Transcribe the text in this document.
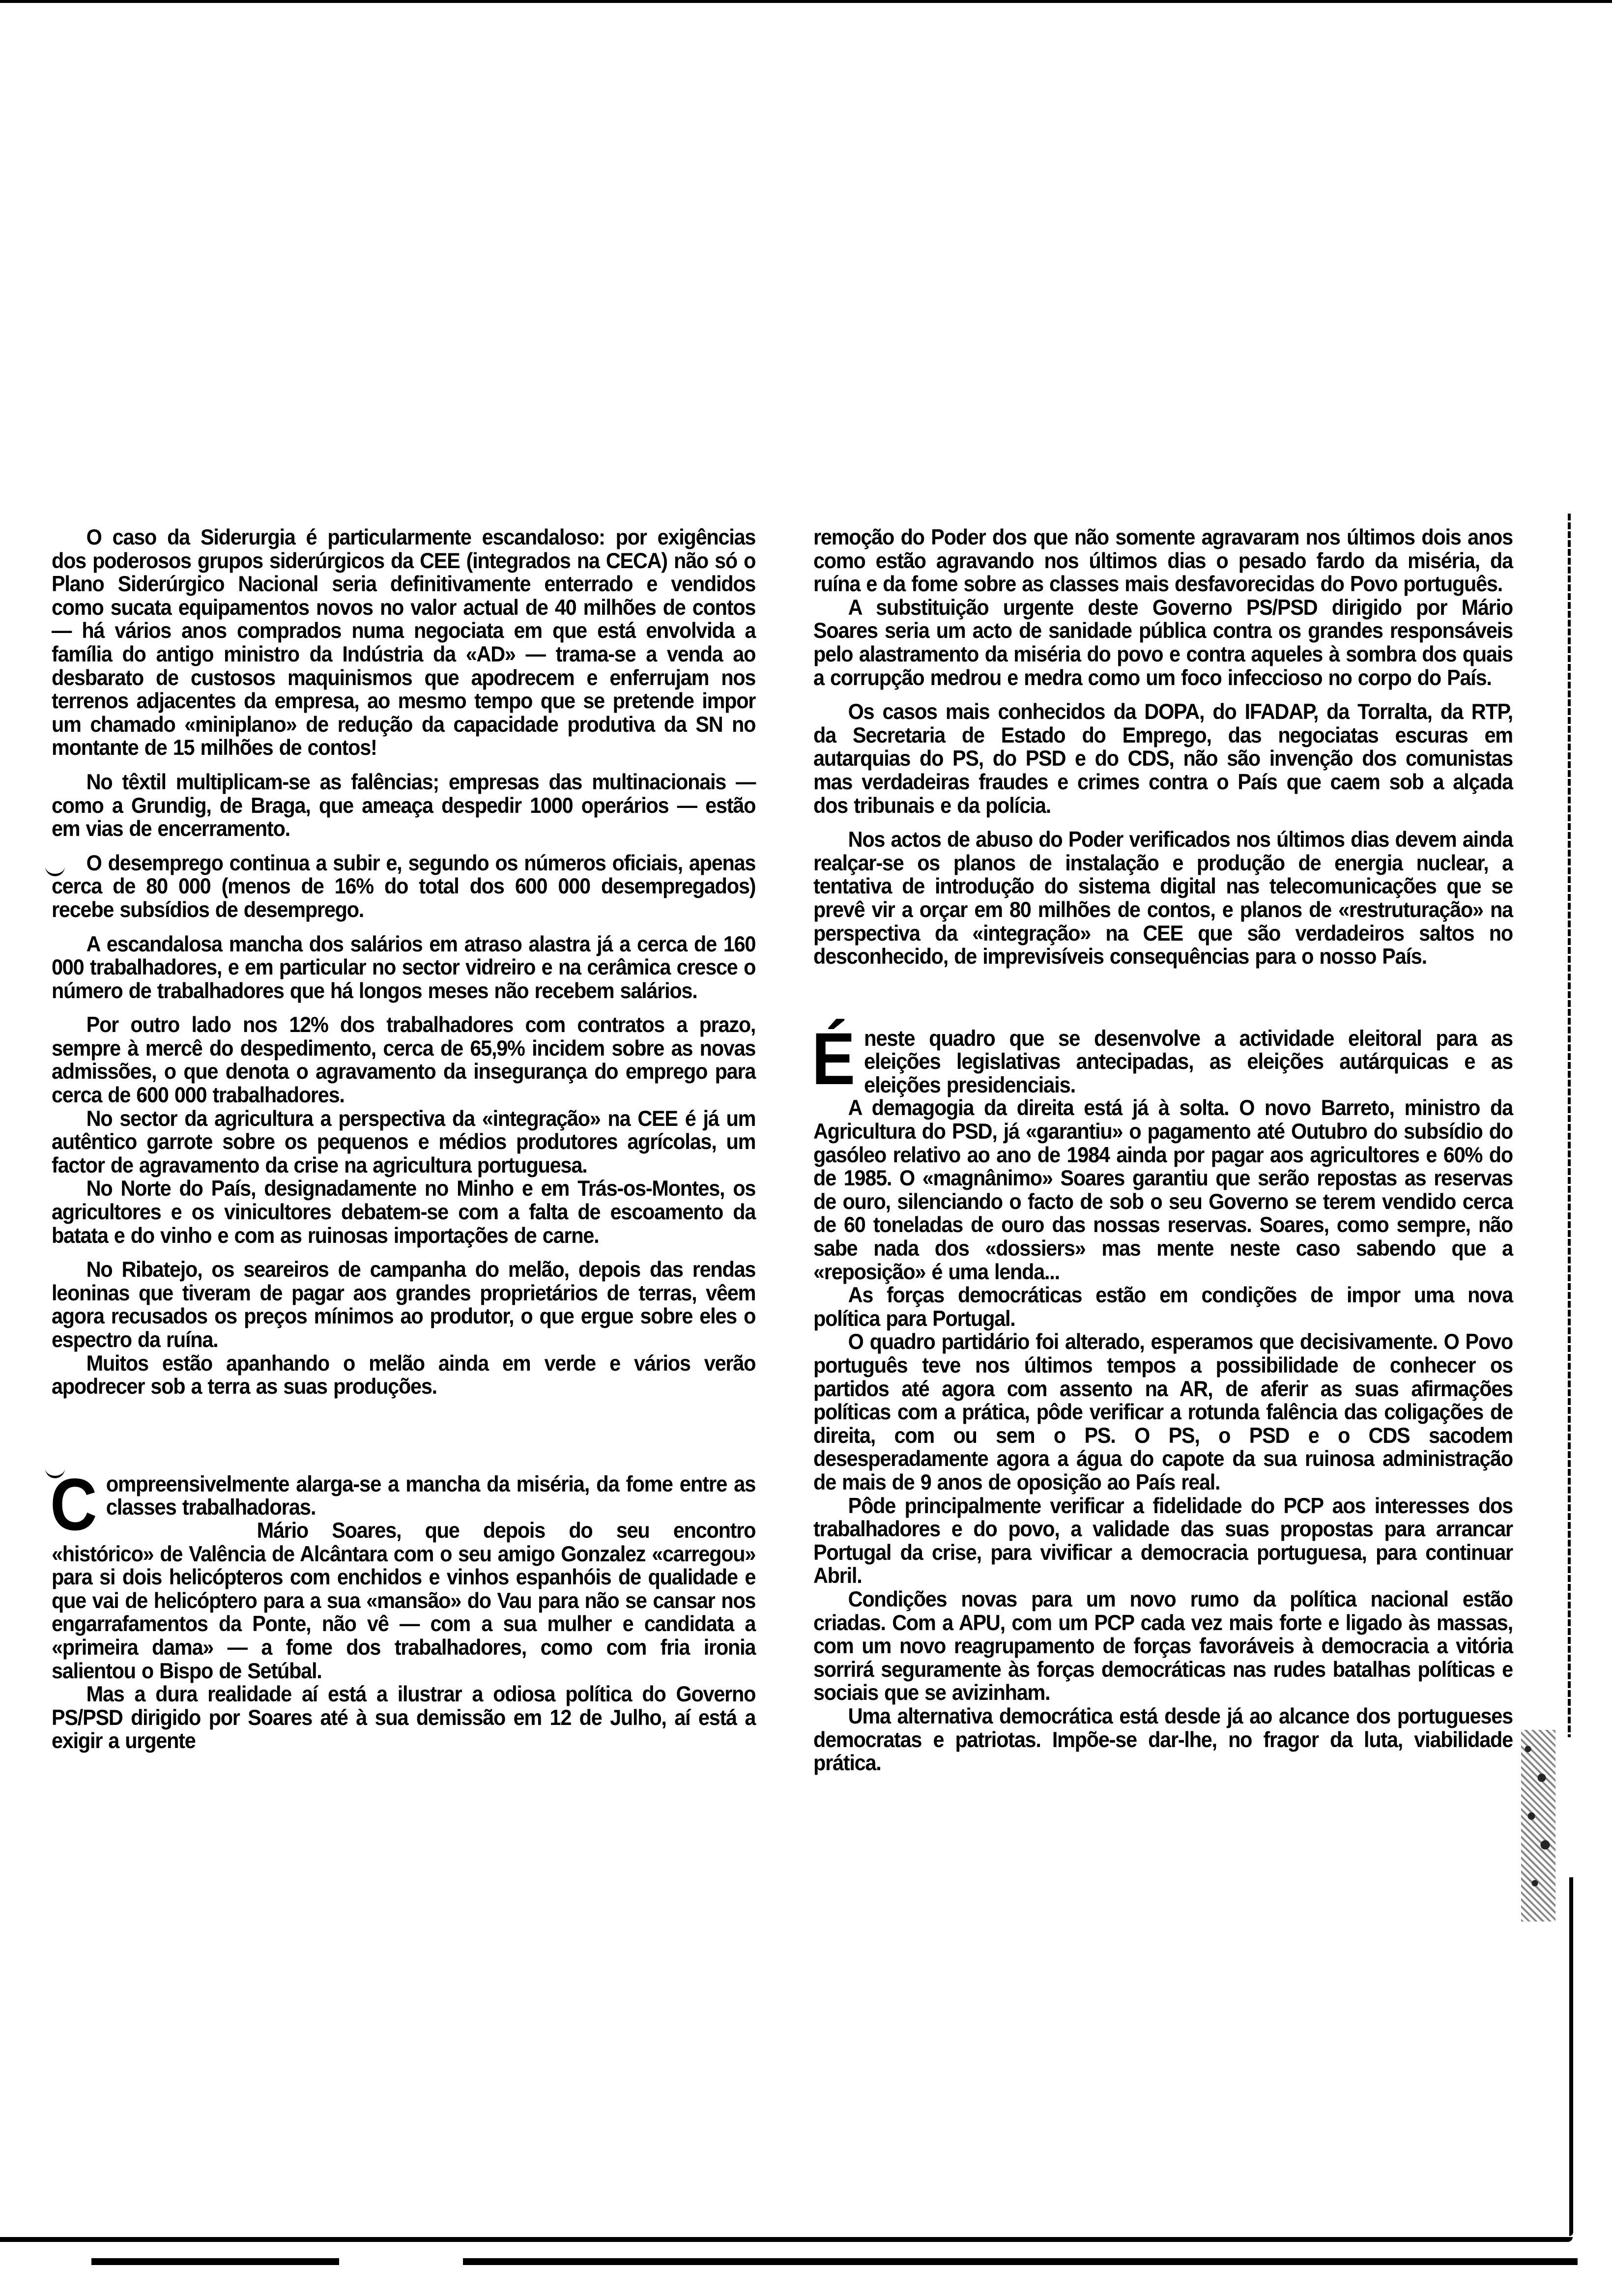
O caso da Siderurgia é particularmente escandaloso: por exigências dos poderosos grupos siderúrgicos da CEE (integrados na CECA) não só o Plano Siderúrgico Nacional seria definitivamente enterrado e vendidos como sucata equipamentos novos no valor actual de 40 milhões de contos — há vários anos comprados numa negociata em que está envolvida a família do antigo ministro da Indústria da «AD» — trama-se a venda ao desbarato de custosos maquinismos que apodrecem e enferrujam nos terrenos adjacentes da empresa, ao mesmo tempo que se pretende impor um chamado «miniplano» de redução da capacidade produtiva da SN no montante de 15 milhões de contos!

No têxtil multiplicam-se as falências; empresas das multinacionais — como a Grundig, de Braga, que ameaça despedir 1000 operários — estão em vias de encerramento.

O desemprego continua a subir e, segundo os números oficiais, apenas cerca de 80 000 (menos de 16% do total dos 600 000 desempregados) recebe subsídios de desemprego.

A escandalosa mancha dos salários em atraso alastra já a cerca de 160 000 trabalhadores, e em particular no sector vidreiro e na cerâmica cresce o número de trabalhadores que há longos meses não recebem salários.

Por outro lado nos 12% dos trabalhadores com contratos a prazo, sempre à mercê do despedimento, cerca de 65,9% incidem sobre as novas admissões, o que denota o agravamento da insegurança do emprego para cerca de 600 000 trabalhadores.

No sector da agricultura a perspectiva da «integração» na CEE é já um autêntico garrote sobre os pequenos e médios produtores agrícolas, um factor de agravamento da crise na agricultura portuguesa.

No Norte do País, designadamente no Minho e em Trás-os-Montes, os agricultores e os vinicultores debatem-se com a falta de escoamento da batata e do vinho e com as ruinosas importações de carne.

No Ribatejo, os seareiros de campanha do melão, depois das rendas leoninas que tiveram de pagar aos grandes proprietários de terras, vêem agora recusados os preços mínimos ao produtor, o que ergue sobre eles o espectro da ruína.

Muitos estão apanhando o melão ainda em verde e vários verão apodrecer sob a terra as suas produções.

C ompreensivelmente alarga-se a mancha da miséria, da fome entre as classes trabalhadoras.

Mário Soares, que depois do seu encontro «histórico» de Valência de Alcântara com o seu amigo Gonzalez «carregou» para si dois helicópteros com enchidos e vinhos espanhóis de qualidade e que vai de helicóptero para a sua «mansão» do Vau para não se cansar nos engarrafamentos da Ponte, não vê — com a sua mulher e candidata a «primeira dama» — a fome dos trabalhadores, como com fria ironia salientou o Bispo de Setúbal.

Mas a dura realidade aí está a ilustrar a odiosa política do Governo PS/PSD dirigido por Soares até à sua demissão em 12 de Julho, aí está a exigir a urgente

remoção do Poder dos que não somente agravaram nos últimos dois anos como estão agravando nos últimos dias o pesado fardo da miséria, da ruína e da fome sobre as classes mais desfavorecidas do Povo português.

A substituição urgente deste Governo PS/PSD dirigido por Mário Soares seria um acto de sanidade pública contra os grandes responsáveis pelo alastramento da miséria do povo e contra aqueles à sombra dos quais a corrupção medrou e medra como um foco infeccioso no corpo do País.

Os casos mais conhecidos da DOPA, do IFADAP, da Torralta, da RTP, da Secretaria de Estado do Emprego, das negociatas escuras em autarquias do PS, do PSD e do CDS, não são invenção dos comunistas mas verdadeiras fraudes e crimes contra o País que caem sob a alçada dos tribunais e da polícia.

Nos actos de abuso do Poder verificados nos últimos dias devem ainda realçar-se os planos de instalação e produção de energia nuclear, a tentativa de introdução do sistema digital nas telecomunicações que se prevê vir a orçar em 80 milhões de contos, e planos de «restruturação» na perspectiva da «integração» na CEE que são verdadeiros saltos no desconhecido, de imprevisíveis consequências para o nosso País.

É neste quadro que se desenvolve a actividade eleitoral para as eleições legislativas antecipadas, as eleições autárquicas e as eleições presidenciais.

A demagogia da direita está já à solta. O novo Barreto, ministro da Agricultura do PSD, já «garantiu» o pagamento até Outubro do subsídio do gasóleo relativo ao ano de 1984 ainda por pagar aos agricultores e 60% do de 1985. O «magnânimo» Soares garantiu que serão repostas as reservas de ouro, silenciando o facto de sob o seu Governo se terem vendido cerca de 60 toneladas de ouro das nossas reservas. Soares, como sempre, não sabe nada dos «dossiers» mas mente neste caso sabendo que a «reposição» é uma lenda...

As forças democráticas estão em condições de impor uma nova política para Portugal.

O quadro partidário foi alterado, esperamos que decisivamente. O Povo português teve nos últimos tempos a possibilidade de conhecer os partidos até agora com assento na AR, de aferir as suas afirmações políticas com a prática, pôde verificar a rotunda falência das coligações de direita, com ou sem o PS. O PS, o PSD e o CDS sacodem desesperadamente agora a água do capote da sua ruinosa administração de mais de 9 anos de oposição ao País real.

Pôde principalmente verificar a fidelidade do PCP aos interesses dos trabalhadores e do povo, a validade das suas propostas para arrancar Portugal da crise, para vivificar a democracia portuguesa, para continuar Abril.

Condições novas para um novo rumo da política nacional estão criadas. Com a APU, com um PCP cada vez mais forte e ligado às massas, com um novo reagrupamento de forças favoráveis à democracia a vitória sorrirá seguramente às forças democráticas nas rudes batalhas políticas e sociais que se avizinham.

Uma alternativa democrática está desde já ao alcance dos portugueses democratas e patriotas. Impõe-se dar-lhe, no fragor da luta, viabilidade prática.
